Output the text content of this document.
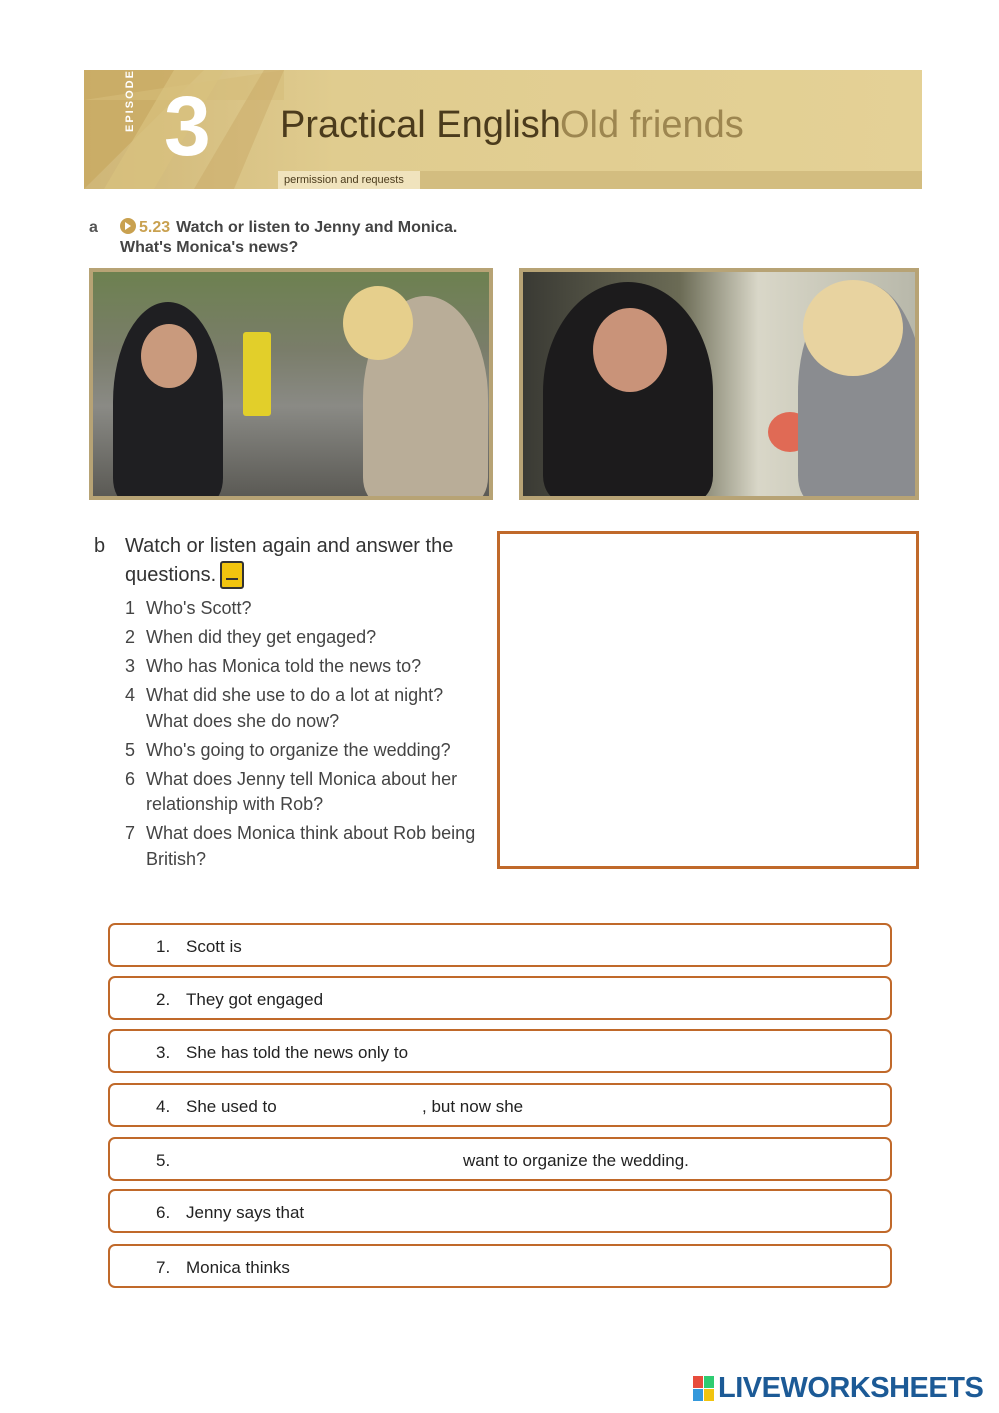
EPISODE 3 Practical English Old friends
permission and requests
a	5.23 Watch or listen to Jenny and Monica. What's Monica's news?
b Watch or listen again and answer the questions.
1 Who's Scott?
2 When did they get engaged?
3 Who has Monica told the news to?
4 What did she use to do a lot at night?
What does she do now?
5 Who's going to organize the wedding?
6 What does Jenny tell Monica about her
relationship with Rob?
7 What does Monica think about Rob being
British?
1. Scott is
2. They got engaged
3. She has told the news only to
4. She used to	, but now she
5.	want to organize the wedding.
6. Jenny says that
7. Monica thinks
LIVEWORKSHEETS
